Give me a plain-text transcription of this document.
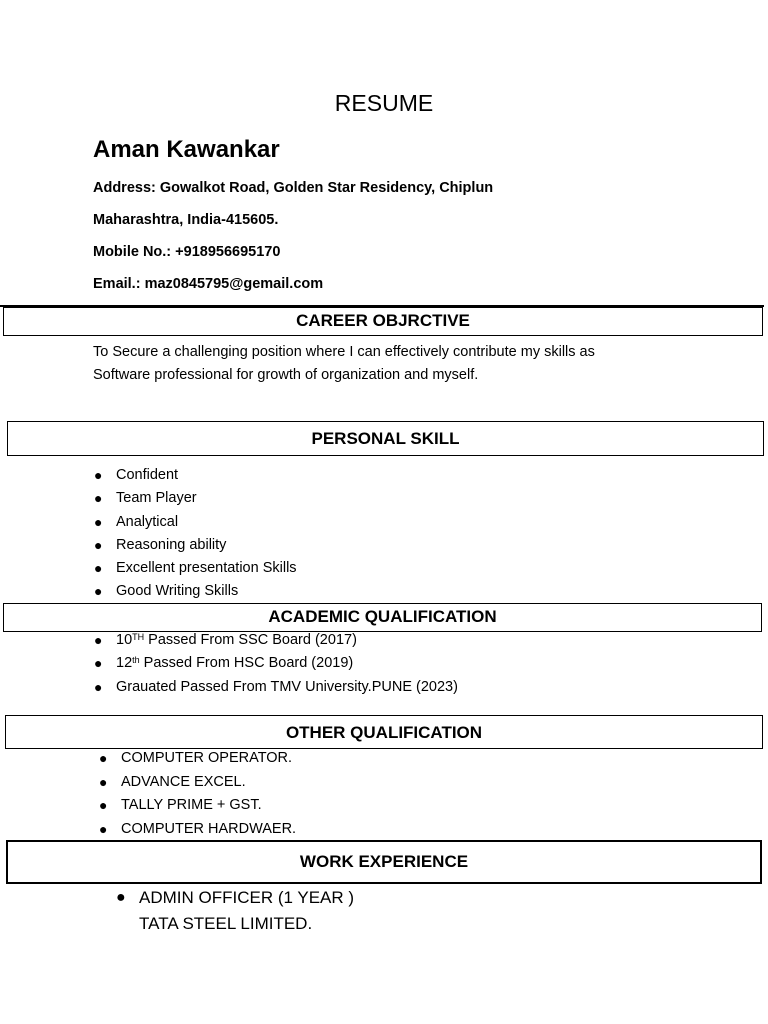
RESUME
Aman Kawankar
Address: Gowalkot Road, Golden Star Residency, Chiplun
Maharashtra, India-415605.
Mobile No.: +918956695170
Email.: maz0845795@gemail.com
CAREER OBJRCTIVE
To Secure a challenging position where I can effectively contribute my skills as
Software professional for growth of organization and myself.
PERSONAL SKILL
● Confident
● Team Player
● Analytical
● Reasoning ability
● Excellent presentation Skills
● Good Writing Skills
ACADEMIC QUALIFICATION
● 10TH Passed From SSC Board (2017)
● 12th Passed From HSC Board (2019)
● Grauated Passed From TMV University.PUNE (2023)
OTHER QUALIFICATION
● COMPUTER OPERATOR.
● ADVANCE EXCEL.
● TALLY PRIME + GST.
● COMPUTER HARDWAER.
WORK EXPERIENCE
● ADMIN OFFICER (1 YEAR )
TATA STEEL LIMITED.
